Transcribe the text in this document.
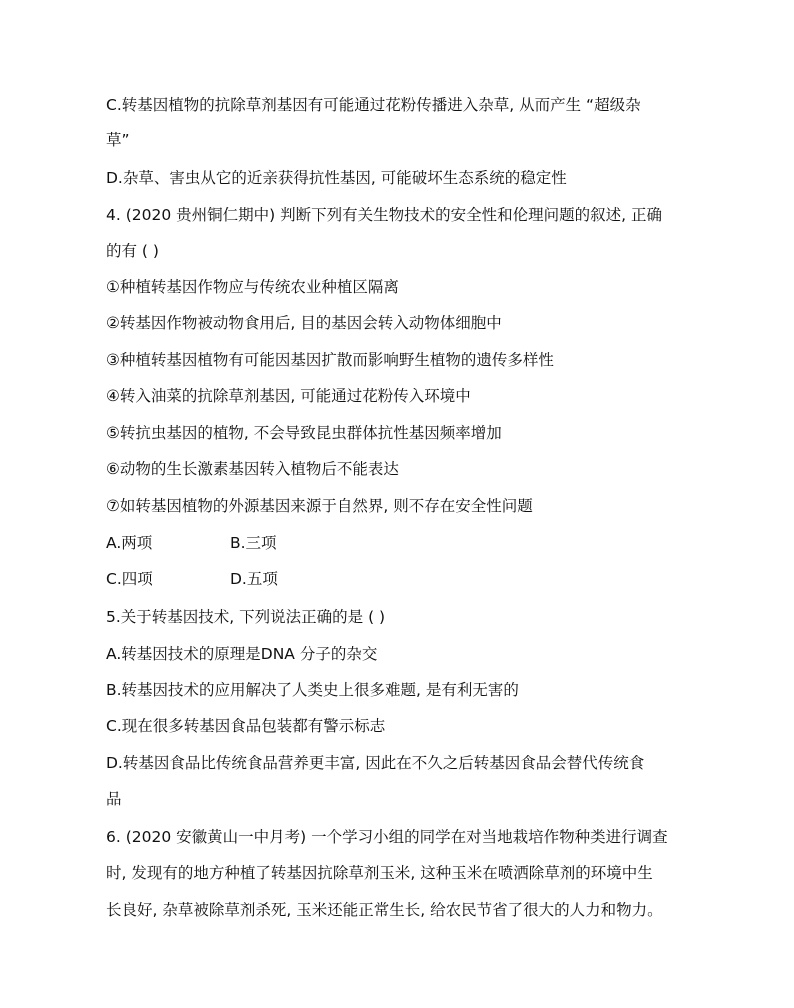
C.转基因植物的抗除草剂基因有可能通过花粉传播进入杂草, 从而产生 “超级杂
草”
D.杂草、害虫从它的近亲获得抗性基因, 可能破坏生态系统的稳定性
4. (2020 贵州铜仁期中) 判断下列有关生物技术的安全性和伦理问题的叙述, 正确
的有 ( )
①种植转基因作物应与传统农业种植区隔离
②转基因作物被动物食用后, 目的基因会转入动物体细胞中
③种植转基因植物有可能因基因扩散而影响野生植物的遗传多样性
④转入油菜的抗除草剂基因, 可能通过花粉传入环境中
⑤转抗虫基因的植物, 不会导致昆虫群体抗性基因频率增加
⑥动物的生长激素基因转入植物后不能表达
⑦如转基因植物的外源基因来源于自然界, 则不存在安全性问题
A.两项	B.三项
C.四项	D.五项
5.关于转基因技术, 下列说法正确的是 ( )
A.转基因技术的原理是DNA 分子的杂交
B.转基因技术的应用解决了人类史上很多难题, 是有利无害的
C.现在很多转基因食品包装都有警示标志
D.转基因食品比传统食品营养更丰富, 因此在不久之后转基因食品会替代传统食
品
6. (2020 安徽黄山一中月考) 一个学习小组的同学在对当地栽培作物种类进行调查
时, 发现有的地方种植了转基因抗除草剂玉米, 这种玉米在喷洒除草剂的环境中生
长良好, 杂草被除草剂杀死, 玉米还能正常生长, 给农民节省了很大的人力和物力。
